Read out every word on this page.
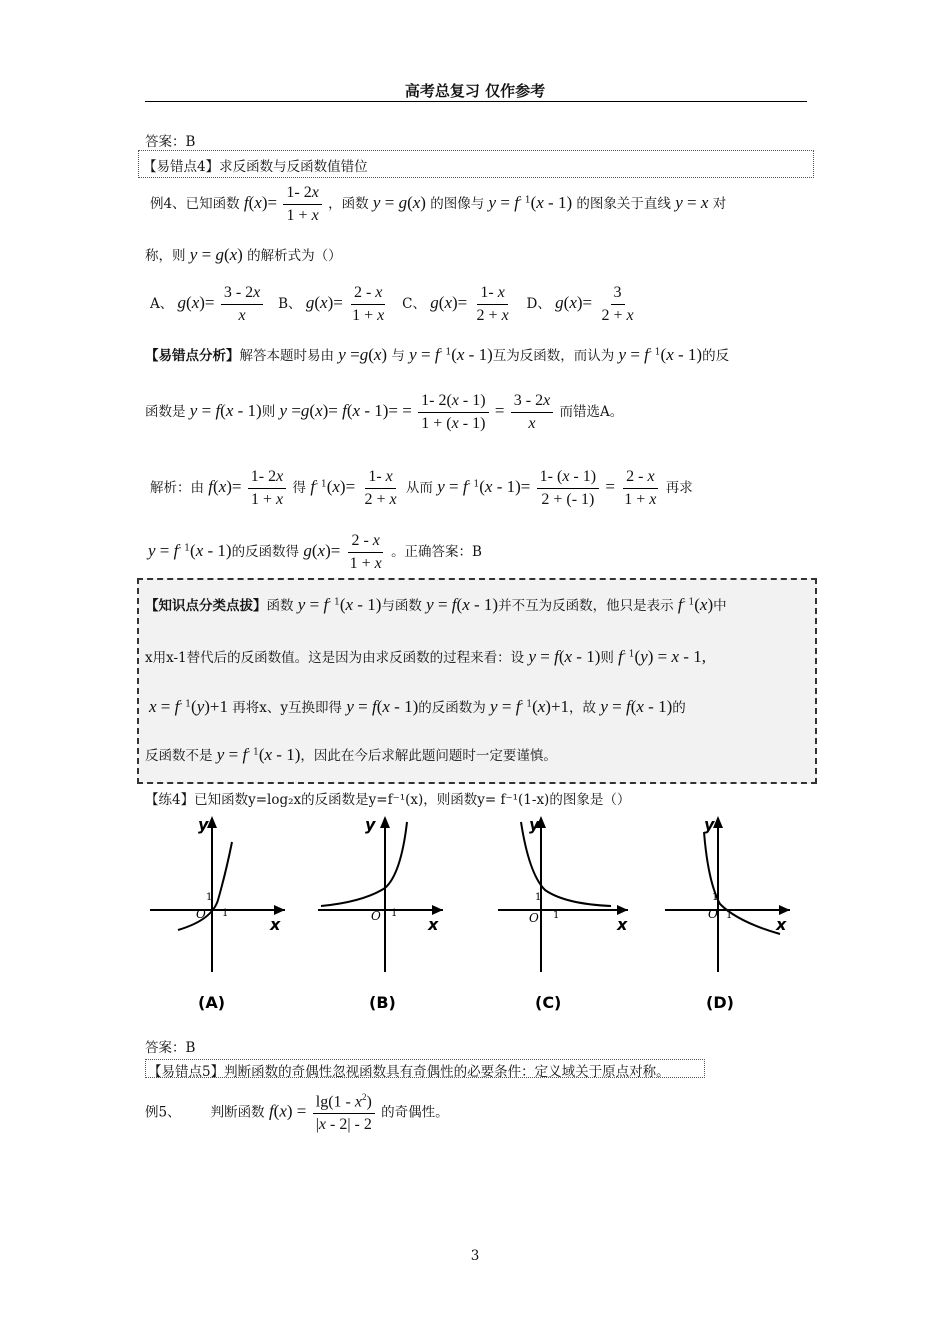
高考总复习 仅作参考
答案：B
【易错点4】求反函数与反函数值错位
例4、已知函数 $f(x)= \frac{1- 2x}{1 + x}$ ，函数 y = g(x) 的图像与 $y = f^{- 1}(x - 1)$ 的图象关于直线 y = x 对
称，则 y = g(x) 的解析式为（）
A、 $g(x)= \frac{3 - 2x}{x}$ B、 $g(x)= \frac{2 - x}{1 + x}$ C、 $g(x)= \frac{1- x}{2 + x}$ D、 $g(x)= \frac{3}{2 + x}$
【易错点分析】解答本题时易由 y =g(x) 与 $y = f^{- 1}(x - 1)$互为反函数，而认为 $y = f^{- 1}(x - 1)$的反
函数是 y = f(x - 1)则 $y =g(x)= f(x - 1)= = \frac{1- 2(x - 1)}{1 + (x - 1)} = \frac{3 - 2x}{x}$ 而错选A。
解析：由 $f(x)= \frac{1- 2x}{1 + x}$ 得 $f^{- 1}(x)= \frac{1- x}{2 + x}$ 从而 $y = f^{- 1}(x - 1)= \frac{1- (x - 1)}{2 + (- 1)} = \frac{2 - x}{1 + x}$ 再求
$y = f^{- 1}(x - 1)$的反函数得 $g(x)= \frac{2 - x}{1 + x}$ 。正确答案：B
【知识点分类点拔】函数 $y = f^{- 1}(x - 1)$与函数 y = f(x - 1)并不互为反函数，他只是表示 $f^{- 1}(x)$中
x用x-1替代后的反函数值。这是因为由求反函数的过程来看：设 y = f(x - 1)则 $f^{- 1}(y) = x - 1$,
$x = f^{- 1}(y)+1$ 再将x、y互换即得 y = f(x - 1)的反函数为 $y = f^{- 1}(x)+1$，故 y = f(x - 1)的
反函数不是 $y = f^{- 1}(x - 1)$，因此在今后求解此题问题时一定要谨慎。
【练4】已知函数y=log₂x的反函数是y=f⁻¹(x)，则函数y= f⁻¹(1-x)的图象是（）
y
x
O
1
1
(A)
y
x
O 1
(B)
y
x
O
1
1
(C)
y
x
O
1
1
(D)
答案：B
【易错点5】判断函数的奇偶性忽视函数具有奇偶性的必要条件：定义域关于原点对称。
例5、 判断函数 $f(x) = \frac{\lg(1 - x^2)}{|x - 2| - 2}$ 的奇偶性。
3
